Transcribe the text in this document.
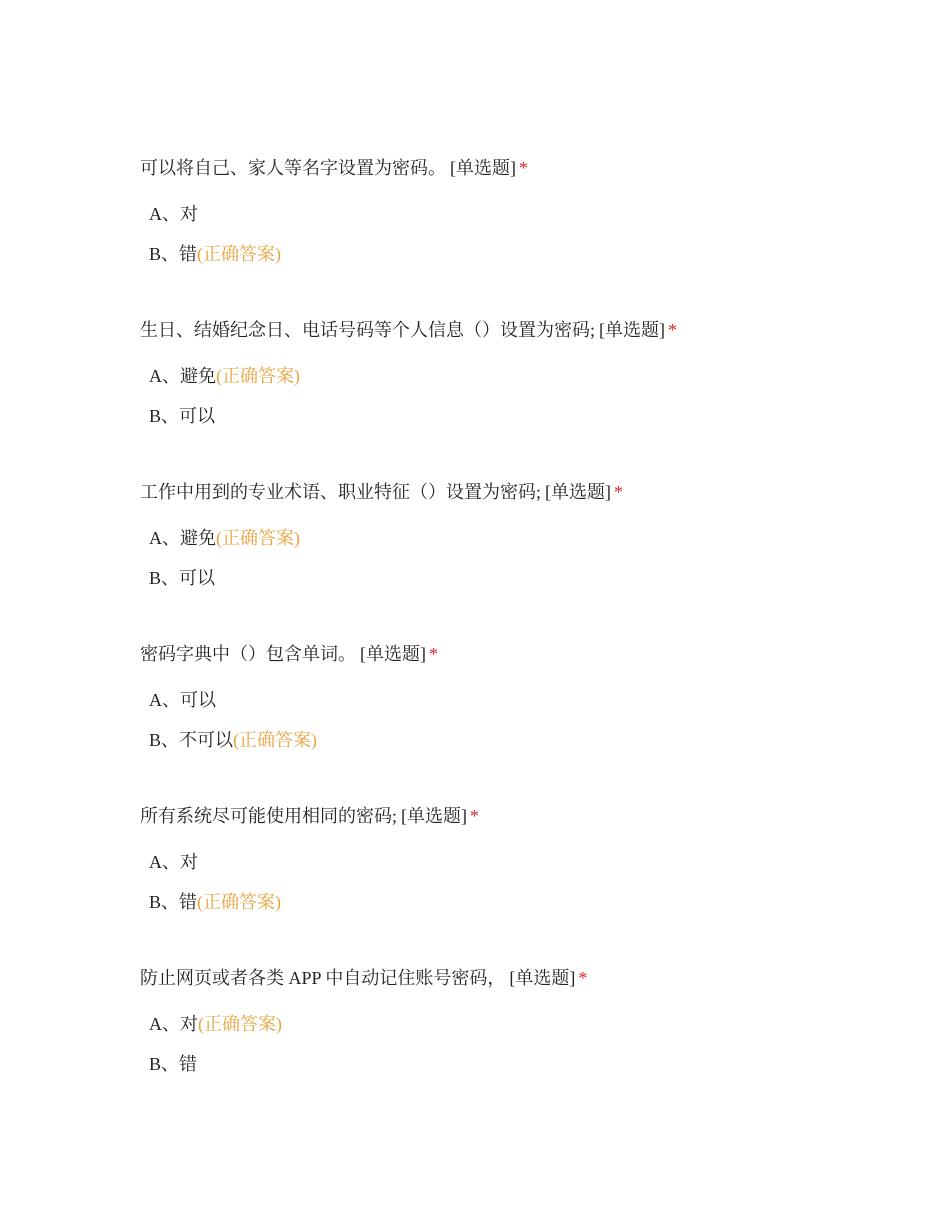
可以将自己、家人等名字设置为密码。 [单选题] *
A、对
B、错(正确答案)
生日、结婚纪念日、电话号码等个人信息（）设置为密码; [单选题] *
A、避免(正确答案)
B、可以
工作中用到的专业术语、职业特征（）设置为密码; [单选题] *
A、避免(正确答案)
B、可以
密码字典中（）包含单词。 [单选题] *
A、可以
B、不可以(正确答案)
所有系统尽可能使用相同的密码; [单选题] *
A、对
B、错(正确答案)
防止网页或者各类 APP 中自动记住账号密码， [单选题] *
A、对(正确答案)
B、错
